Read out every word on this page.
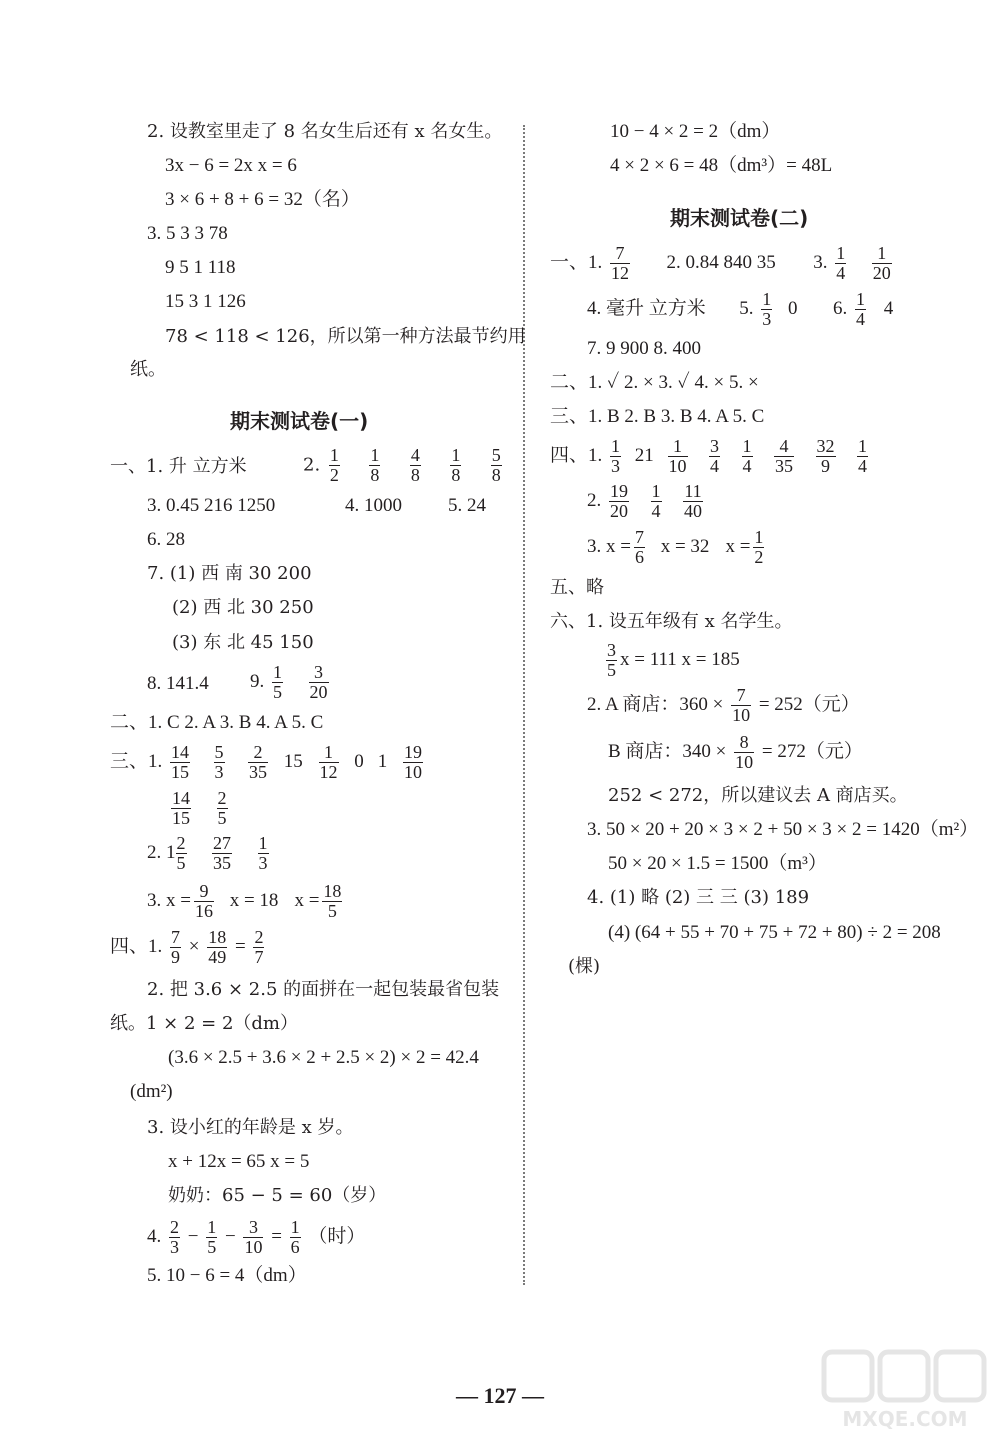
2. 设教室里走了 8 名女生后还有 x 名女生。
3x − 6 = 2x x = 6
3 × 6 + 8 + 6 = 32（名）
3. 5 3 3 78
9 5 1 118
15 3 1 126
78 < 118 < 126，所以第一种方法最节约用
纸。
期末测试卷(一)
一、1. 升 立方米	2. $\frac{1}{2}$
$\frac{1}{8}$
$\frac{4}{8}$
$\frac{1}{8}$
$\frac{5}{8}$
3. 0.45 216 1250	4. 1000 5. 24
6. 28
7. (1) 西 南 30 200
(2) 西 北 30 250
(3) 东 北 45 150
8. 141.4 9. $\frac{1}{5}$
$\frac{3}{20}$
二、1. C 2. A 3. B 4. A 5. C
三、1. $\frac{14}{15}$
$\frac{5}{3}$
$\frac{2}{35} 15 \frac{1}{12} 0$ $1 \frac{19}{10}$
$\frac{14}{15}$
$\frac{2}{5}$
2. $1 \frac{2}{5}$
$\frac{27}{35}$
$\frac{1}{3}$
3. $x = \frac{9}{16}$ x = 18 $x = \frac{18}{5}$
四、1. $\frac{7}{9} \times \frac{18}{49} = \frac{2}{7}$
2. 把 3.6 × 2.5 的面拼在一起包装最省包装
纸。1 × 2 = 2（dm）
(3.6 × 2.5 + 3.6 × 2 + 2.5 × 2) × 2 = 42.4
(dm²)
3. 设小红的年龄是 x 岁。
x + 12x = 65 x = 5
奶奶：65 − 5 = 60（岁）
4. $\frac{2}{3} - \frac{1}{5} - \frac{3}{10} = \frac{1}{6}$ （时）
5. 10 − 6 = 4（dm）
10 − 4 × 2 = 2（dm）
4 × 2 × 6 = 48（dm³）= 48L
期末测试卷(二)
一、1. $\frac{7}{12} 2$. 0.84 840 35 3. $\frac{1}{4}$
$\frac{1}{20}$
4. 毫升 立方米 5. $\frac{1}{3} 0$ 6. $\frac{1}{4} 4$
7. 9 900 8. 400
二、1. ✓ 2. × 3. ✓ 4. × 5. ×
三、1. B 2. B 3. B 4. A 5. C
四、1. $\frac{1}{3} 21 \frac{1}{10}$
$\frac{3}{4}$
$\frac{1}{4}$
$\frac{4}{35}$
$\frac{32}{9}$
$\frac{1}{4}$
2. $\frac{19}{20}$
$\frac{1}{4}$
$\frac{11}{40}$
3. $x = \frac{7}{6}$ x = 32 $x = \frac{1}{2}$
五、略
六、1. 设五年级有 x 名学生。
$\frac{3}{5}$ x = 111 x = 185
2. A 商店：$360 \times \frac{7}{10} = 252$（元）
B 商店：$340 \times \frac{8}{10} = 272$（元）
252 < 272，所以建议去 A 商店买。
3. 50 × 20 + 20 × 3 × 2 + 50 × 3 × 2 = 1420（m²）
50 × 20 × 1.5 = 1500（m³）
4. (1) 略 (2) 三 三 (3) 189
(4) (64 + 55 + 70 + 75 + 72 + 80) ÷ 2 = 208
(棵)
— 127 —
MXQE.COM
